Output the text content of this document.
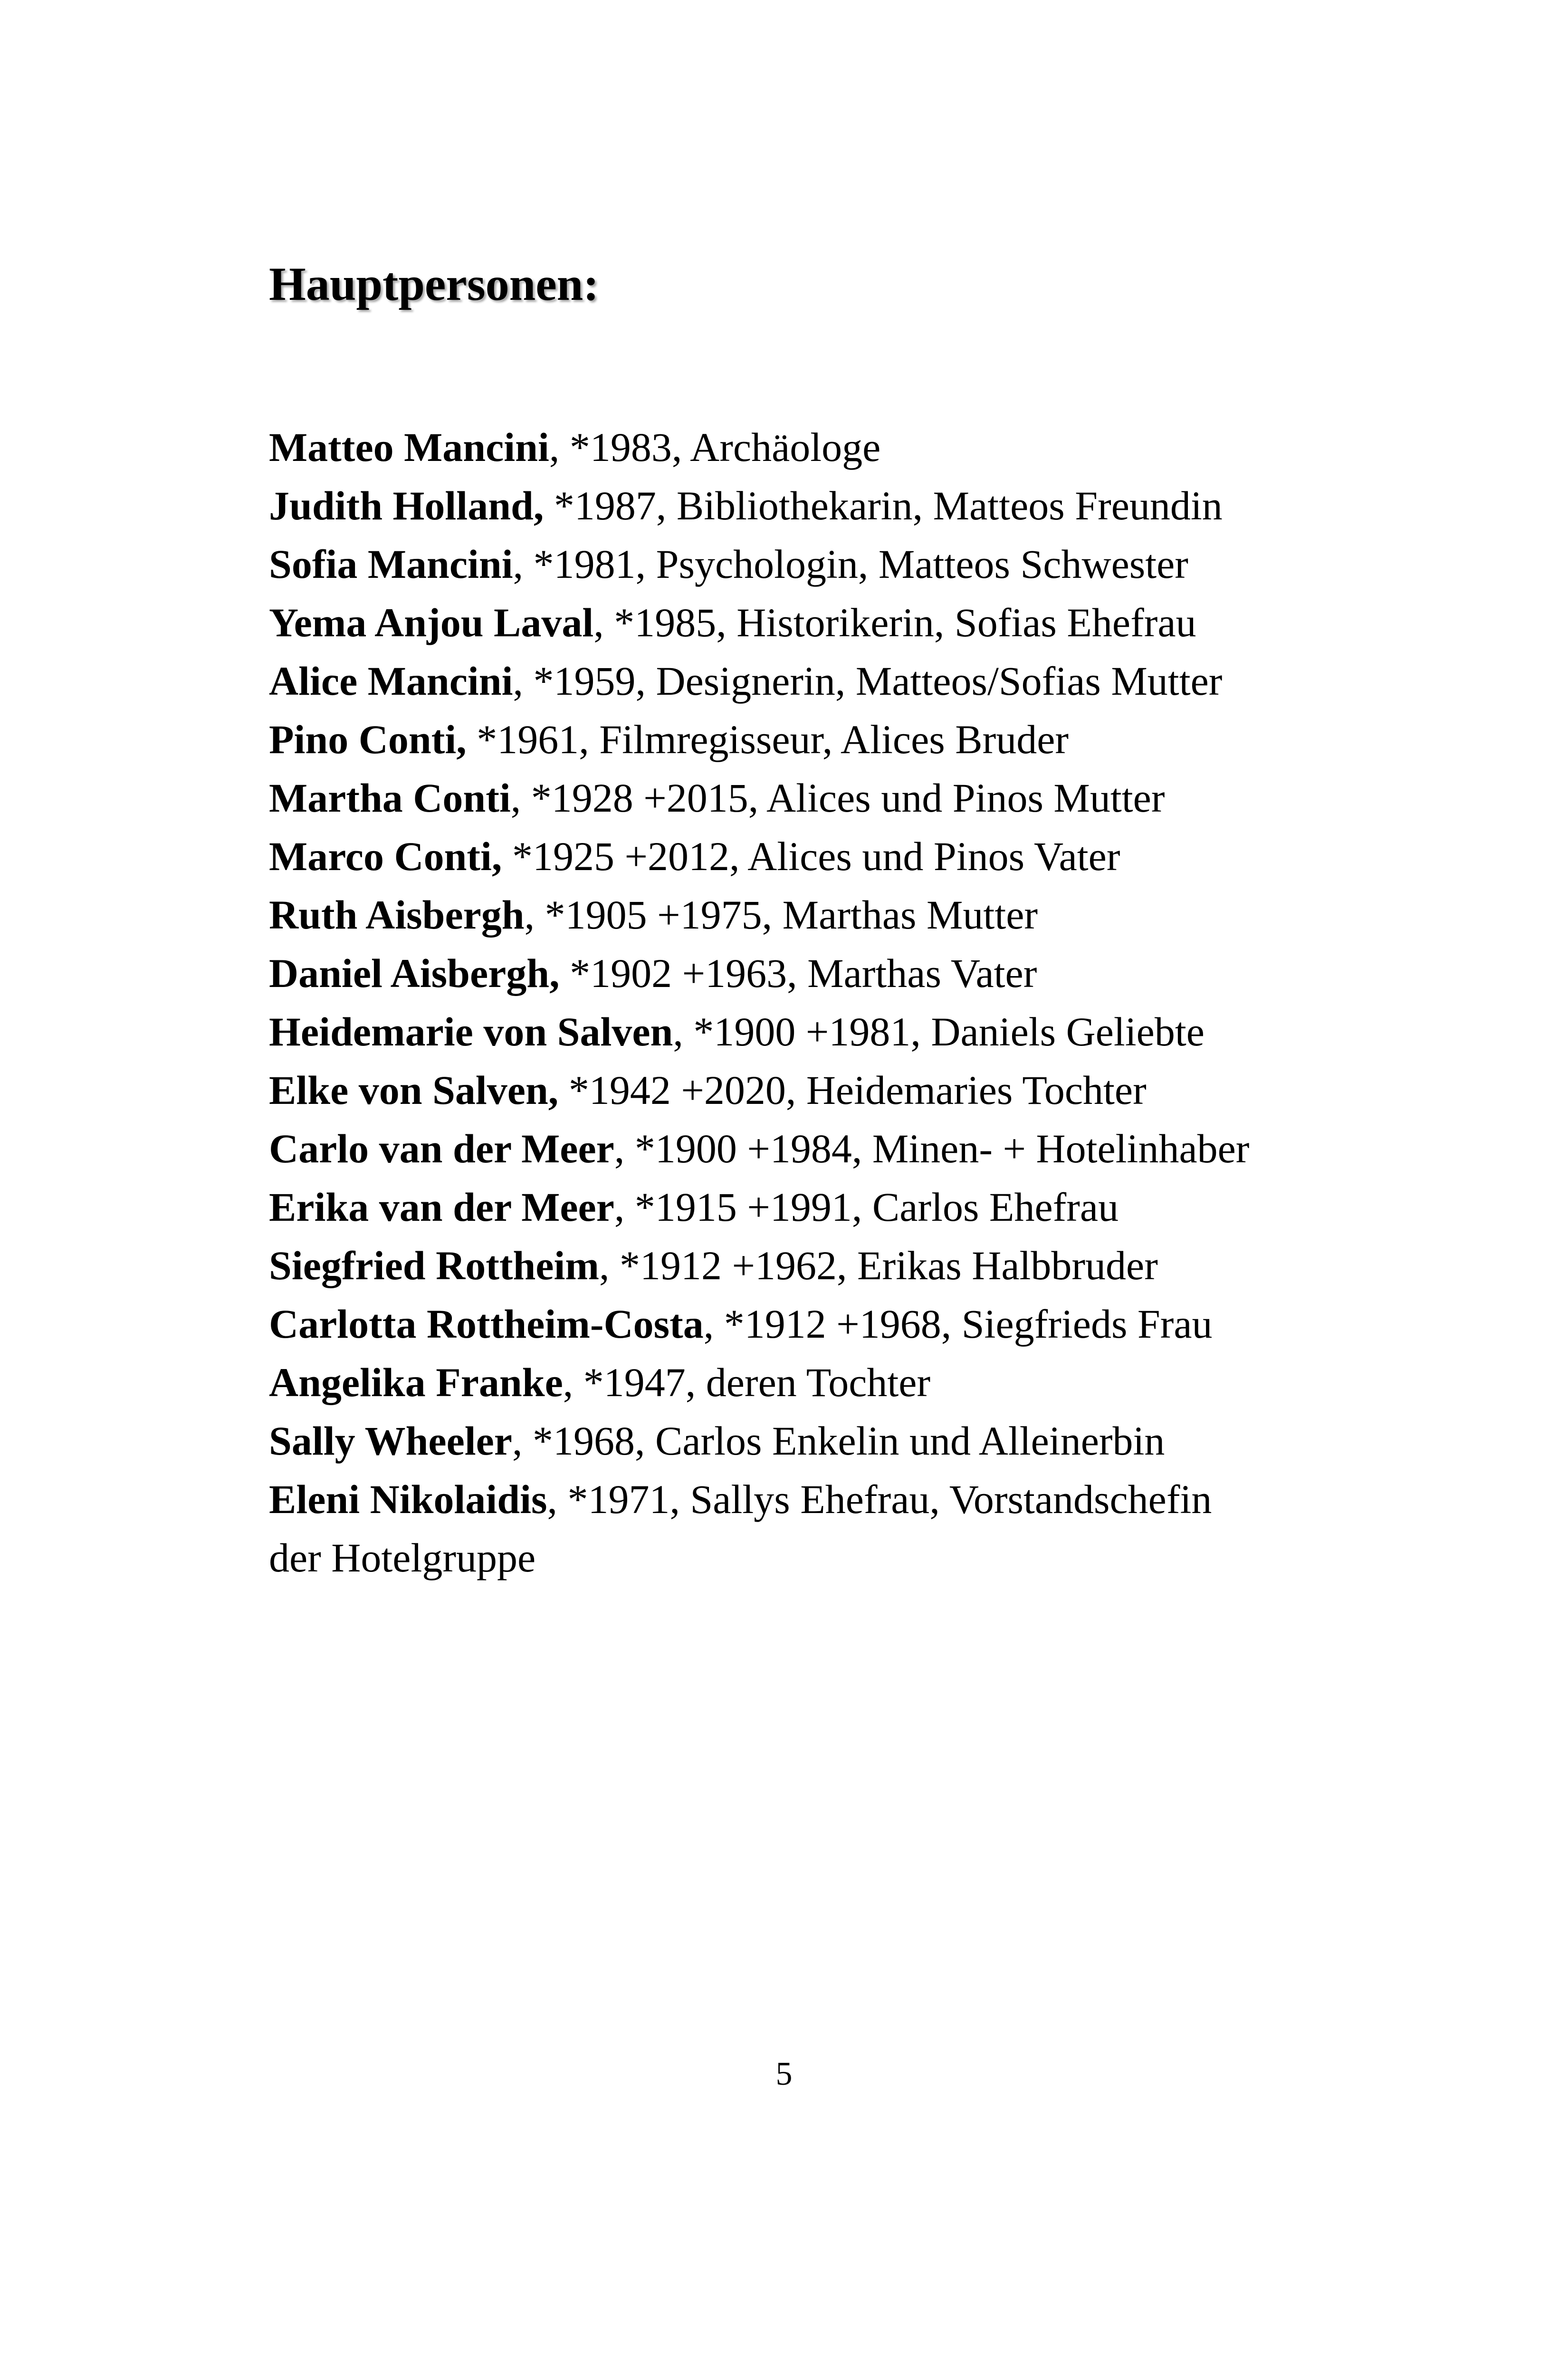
Hauptpersonen:
Matteo Mancini, *1983, Archäologe
Judith Holland, *1987, Bibliothekarin, Matteos Freundin
Sofia Mancini, *1981, Psychologin, Matteos Schwester
Yema Anjou Laval, *1985, Historikerin, Sofias Ehefrau
Alice Mancini, *1959, Designerin, Matteos/Sofias Mutter
Pino Conti, *1961, Filmregisseur, Alices Bruder
Martha Conti, *1928 +2015, Alices und Pinos Mutter
Marco Conti, *1925 +2012, Alices und Pinos Vater
Ruth Aisbergh, *1905 +1975, Marthas Mutter
Daniel Aisbergh, *1902 +1963, Marthas Vater
Heidemarie von Salven, *1900 +1981, Daniels Geliebte
Elke von Salven, *1942 +2020, Heidemaries Tochter
Carlo van der Meer, *1900 +1984, Minen- + Hotelinhaber
Erika van der Meer, *1915 +1991, Carlos Ehefrau
Siegfried Rottheim, *1912 +1962, Erikas Halbbruder
Carlotta Rottheim-Costa, *1912 +1968, Siegfrieds Frau
Angelika Franke, *1947, deren Tochter
Sally Wheeler, *1968, Carlos Enkelin und Alleinerbin
Eleni Nikolaidis, *1971, Sallys Ehefrau, Vorstandschefin
der Hotelgruppe
5
